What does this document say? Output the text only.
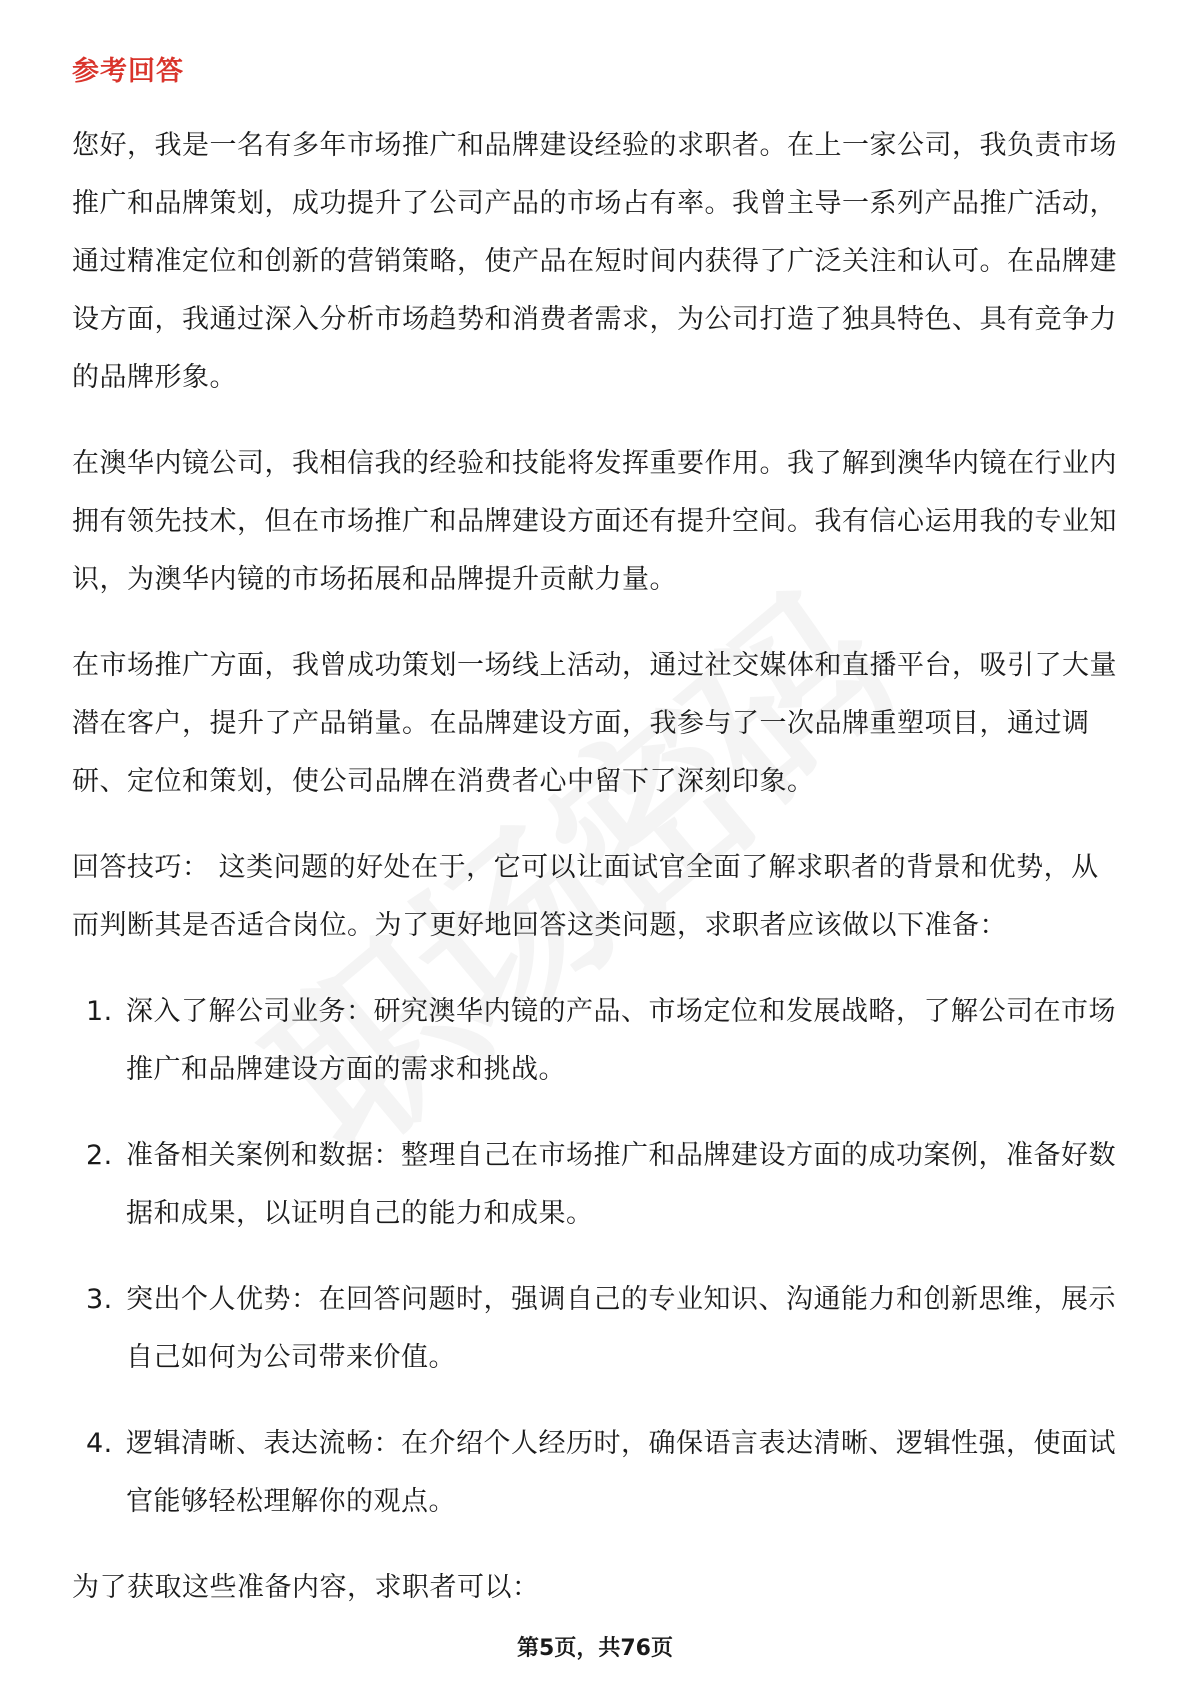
参考回答

您好，我是一名有多年市场推广和品牌建设经验的求职者。在上一家公司，我负责市场推广和品牌策划，成功提升了公司产品的市场占有率。我曾主导一系列产品推广活动，通过精准定位和创新的营销策略，使产品在短时间内获得了广泛关注和认可。在品牌建设方面，我通过深入分析市场趋势和消费者需求，为公司打造了独具特色、具有竞争力的品牌形象。

在澳华内镜公司，我相信我的经验和技能将发挥重要作用。我了解到澳华内镜在行业内拥有领先技术，但在市场推广和品牌建设方面还有提升空间。我有信心运用我的专业知识，为澳华内镜的市场拓展和品牌提升贡献力量。

在市场推广方面，我曾成功策划一场线上活动，通过社交媒体和直播平台，吸引了大量潜在客户，提升了产品销量。在品牌建设方面，我参与了一次品牌重塑项目，通过调研、定位和策划，使公司品牌在消费者心中留下了深刻印象。

回答技巧： 这类问题的好处在于，它可以让面试官全面了解求职者的背景和优势，从而判断其是否适合岗位。为了更好地回答这类问题，求职者应该做以下准备：

1. 深入了解公司业务：研究澳华内镜的产品、市场定位和发展战略，了解公司在市场推广和品牌建设方面的需求和挑战。
2. 准备相关案例和数据：整理自己在市场推广和品牌建设方面的成功案例，准备好数据和成果，以证明自己的能力和成果。
3. 突出个人优势：在回答问题时，强调自己的专业知识、沟通能力和创新思维，展示自己如何为公司带来价值。
4. 逻辑清晰、表达流畅：在介绍个人经历时，确保语言表达清晰、逻辑性强，使面试官能够轻松理解你的观点。

为了获取这些准备内容，求职者可以：

第5页，共76页
